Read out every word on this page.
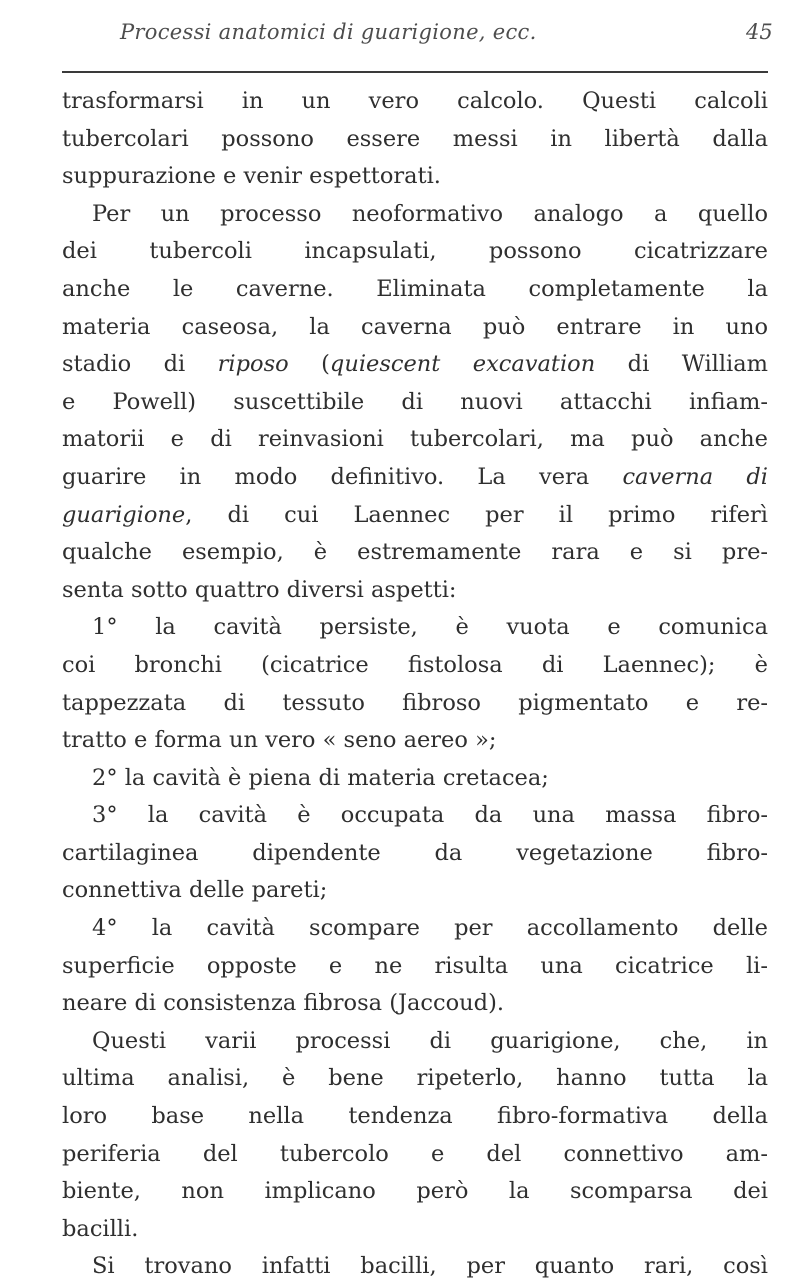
Processi anatomici di guarigione, ecc.	45
trasformarsi in un vero calcolo. Questi calcoli
tubercolari possono essere messi in libertà dalla
suppurazione e venir espettorati.
Per un processo neoformativo analogo a quello
dei tubercoli incapsulati, possono cicatrizzare
anche le caverne. Eliminata completamente la
materia caseosa, la caverna può entrare in uno
stadio di riposo (quiescent excavation di William
e Powell) suscettibile di nuovi attacchi infiam-
matorii e di reinvasioni tubercolari, ma può anche
guarire in modo definitivo. La vera caverna di
guarigione, di cui Laennec per il primo riferì
qualche esempio, è estremamente rara e si pre-
senta sotto quattro diversi aspetti:
1° la cavità persiste, è vuota e comunica
coi bronchi (cicatrice fistolosa di Laennec); è
tappezzata di tessuto fibroso pigmentato e re-
tratto e forma un vero « seno aereo »;
2° la cavità è piena di materia cretacea;
3° la cavità è occupata da una massa fibro-
cartilaginea dipendente da vegetazione fibro-
connettiva delle pareti;
4° la cavità scompare per accollamento delle
superficie opposte e ne risulta una cicatrice li-
neare di consistenza fibrosa (Jaccoud).
Questi varii processi di guarigione, che, in
ultima analisi, è bene ripeterlo, hanno tutta la
loro base nella tendenza fibro-formativa della
periferia del tubercolo e del connettivo am-
biente, non implicano però la scomparsa dei
bacilli.
Si trovano infatti bacilli, per quanto rari, così
